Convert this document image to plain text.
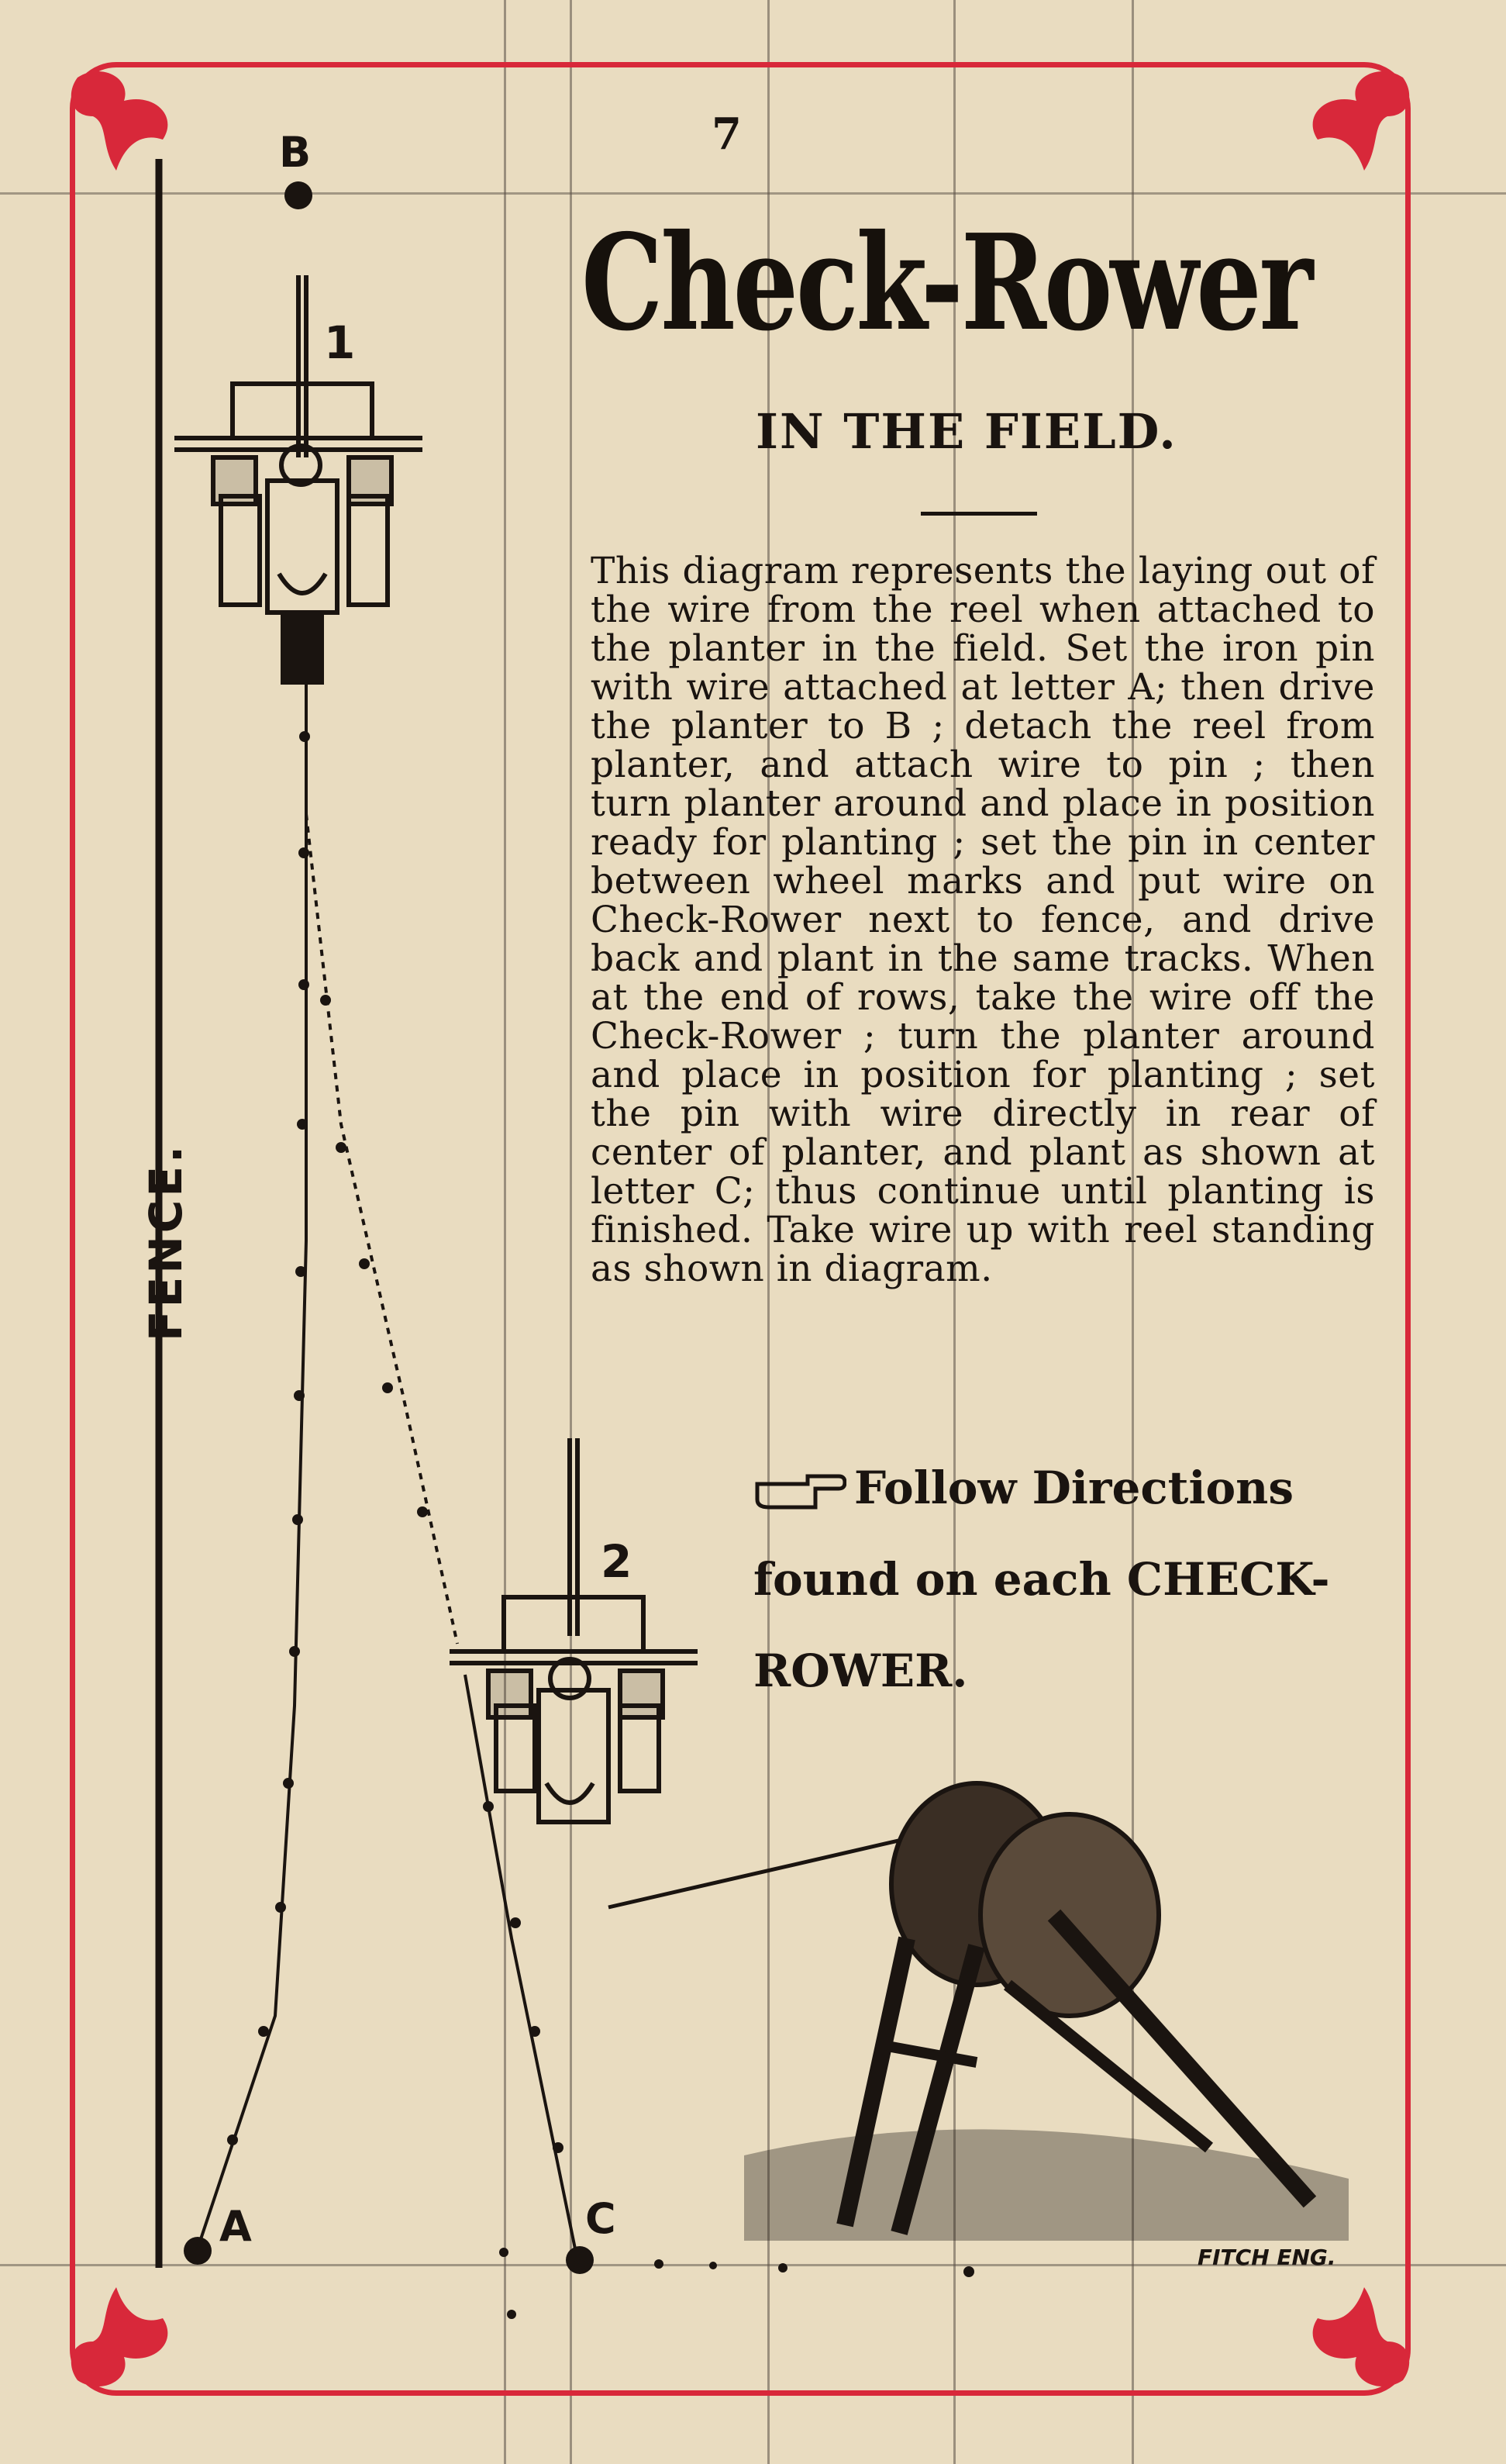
B
1
2
A	C
FENCE.
7
Check-Rower
IN THE FIELD.
This diagram represents the laying out of the wire from the reel when attached to the planter in the field. Set the iron pin with wire attached at letter A; then drive the planter to B ; detach the reel from planter, and attach wire to pin ; then turn planter around and place in position ready for planting ; set the pin in center between wheel marks and put wire on Check-Rower next to fence, and drive back and plant in the same tracks. When at the end of rows, take the wire off the Check-Rower ; turn the planter around and place in position for planting ; set the pin with wire directly in rear of center of planter, and plant as shown at letter C; thus continue until planting is finished. Take wire up with reel standing as shown in diagram.
Follow Directions found on each CHECK-ROWER.
FITCH ENG.
